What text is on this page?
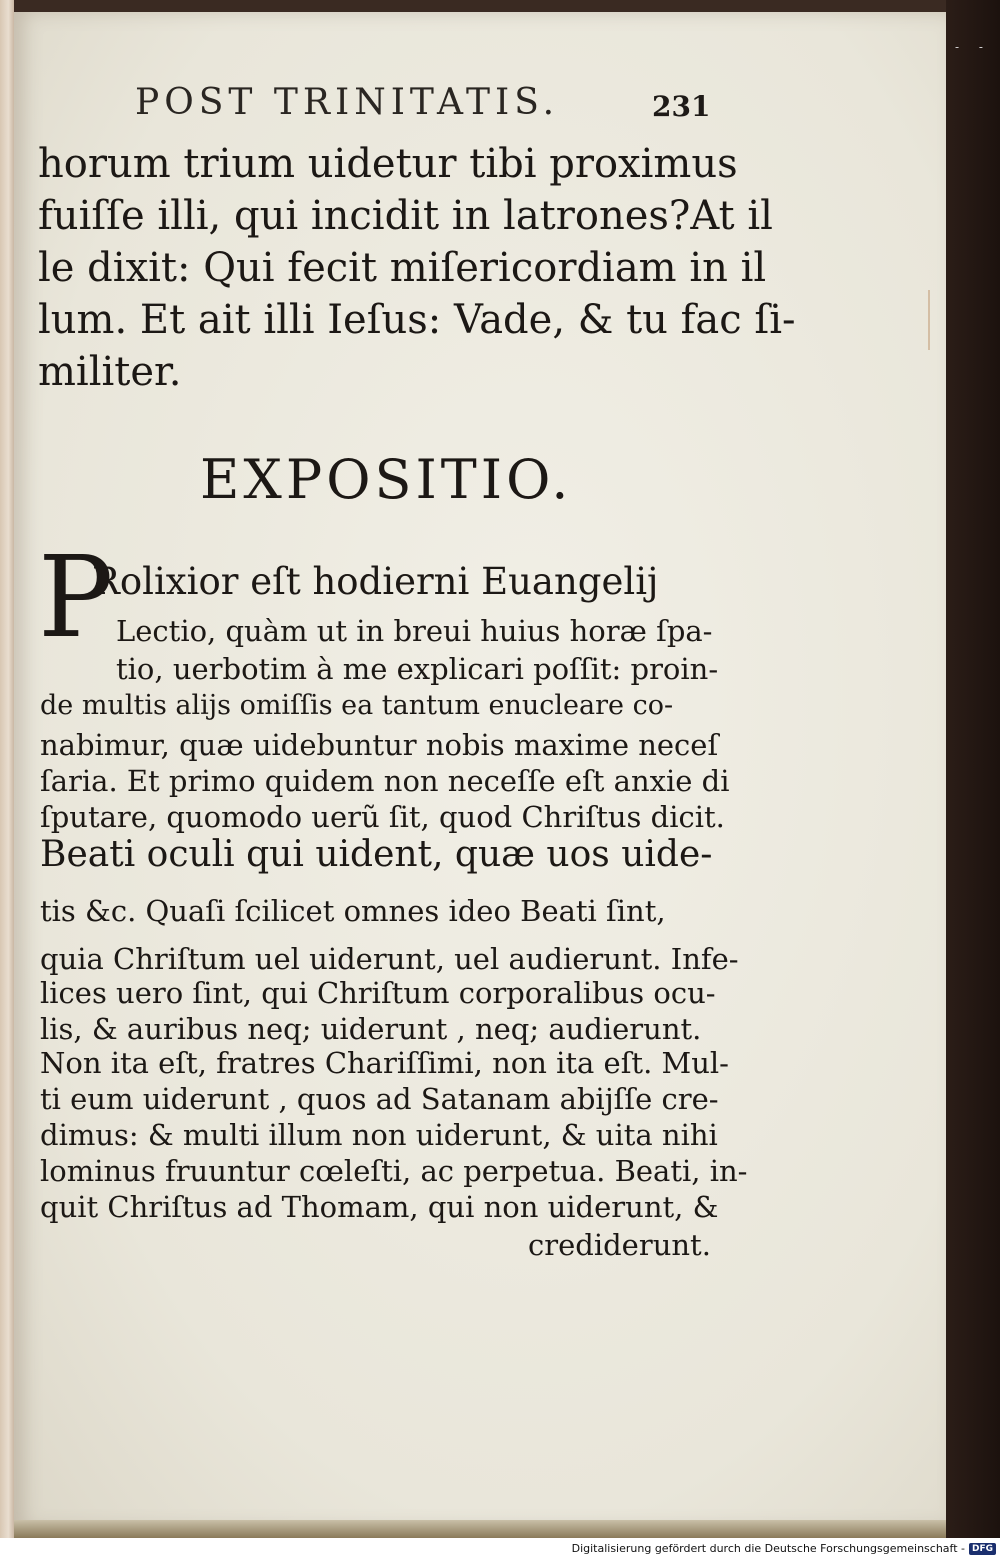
- -
POST TRINITATIS.	231
horum trium uidetur tibi proximus
fuiſſe illi, qui incidit in latrones?At il
le dixit: Qui fecit miſericordiam in il
lum. Et ait illi Ieſus: Vade, & tu fac ſi-
militer.
EXPOSITIO.
P
Rolixior eſt hodierni Euangelij
Lectio, quàm ut in breui huius horæ ſpa-
tio, uerbotim à me explicari poſſit: proin-
de multis alijs omiſſis ea tantum enucleare co-
nabimur, quæ uidebuntur nobis maxime neceſ
ſaria. Et primo quidem non neceſſe eſt anxie di
ſputare, quomodo uerũ ſit, quod Chriſtus dicit.
Beati oculi qui uident, quæ uos uide-
tis &c. Quaſi ſcilicet omnes ideo Beati ſint,
quia Chriſtum uel uiderunt, uel audierunt. Infe-
lices uero ſint, qui Chriſtum corporalibus ocu-
lis, & auribus neq; uiderunt , neq; audierunt.
Non ita eſt, fratres Chariſſimi, non ita eſt. Mul-
ti eum uiderunt , quos ad Satanam abijſſe cre-
dimus: & multi illum non uiderunt, & uita nihi
lominus fruuntur cœleſti, ac perpetua. Beati, in-
quit Chriſtus ad Thomam, qui non uiderunt, &
crediderunt.
Digitalisierung gefördert durch die Deutsche Forschungsgemeinschaft - DFG
